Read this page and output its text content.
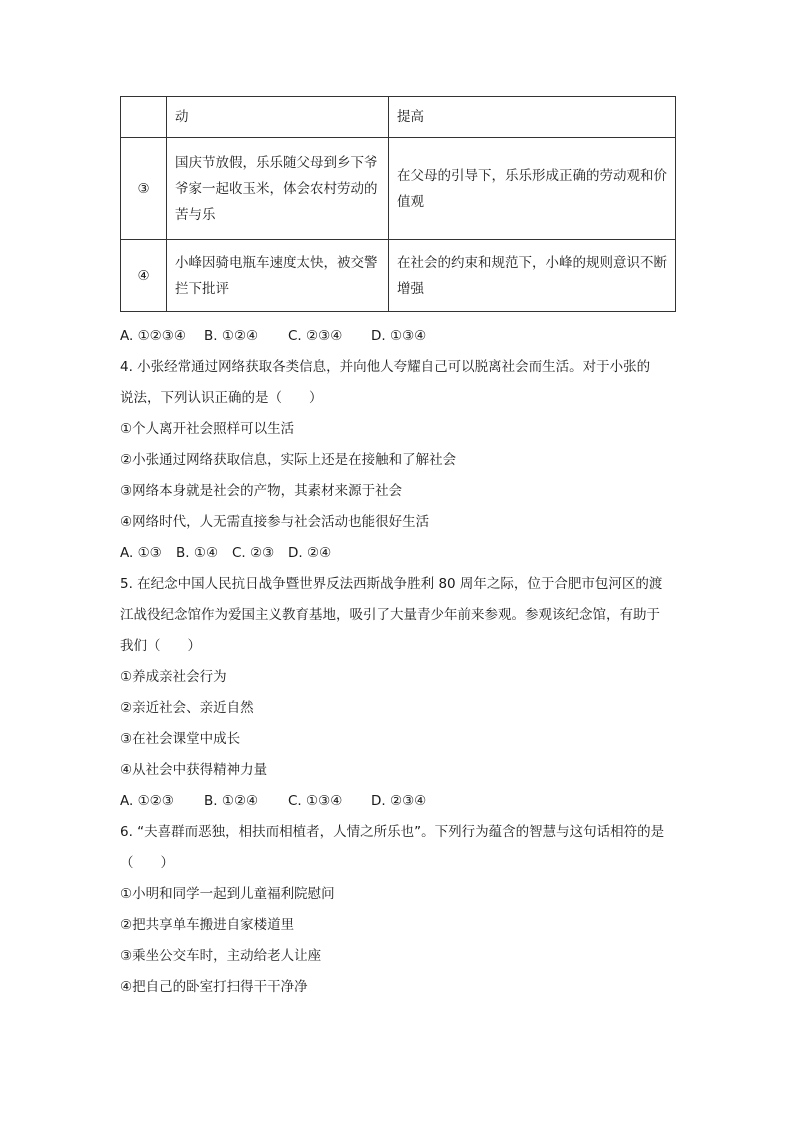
	动	提高
③	国庆节放假，乐乐随父母到乡下爷爷家一起收玉米，体会农村劳动的苦与乐	在父母的引导下，乐乐形成正确的劳动观和价值观
④	小峰因骑电瓶车速度太快，被交警拦下批评	在社会的约束和规范下，小峰的规则意识不断增强
A. ①②③④ B. ①②④ C. ②③④ D. ①③④
4. 小张经常通过网络获取各类信息，并向他人夸耀自己可以脱离社会而生活。对于小张的
说法，下列认识正确的是（　　）
①个人离开社会照样可以生活
②小张通过网络获取信息，实际上还是在接触和了解社会
③网络本身就是社会的产物，其素材来源于社会
④网络时代，人无需直接参与社会活动也能很好生活
A. ①③ B. ①④ C. ②③ D. ②④
5. 在纪念中国人民抗日战争暨世界反法西斯战争胜利 80 周年之际，位于合肥市包河区的渡
江战役纪念馆作为爱国主义教育基地，吸引了大量青少年前来参观。参观该纪念馆，有助于
我们（　　）
①养成亲社会行为
②亲近社会、亲近自然
③在社会课堂中成长
④从社会中获得精神力量
A. ①②③ B. ①②④ C. ①③④ D. ②③④
6. “夫喜群而恶独，相扶而相植者，人情之所乐也”。下列行为蕴含的智慧与这句话相符的是
（　　）
①小明和同学一起到儿童福利院慰问
②把共享单车搬进自家楼道里
③乘坐公交车时，主动给老人让座
④把自己的卧室打扫得干干净净
